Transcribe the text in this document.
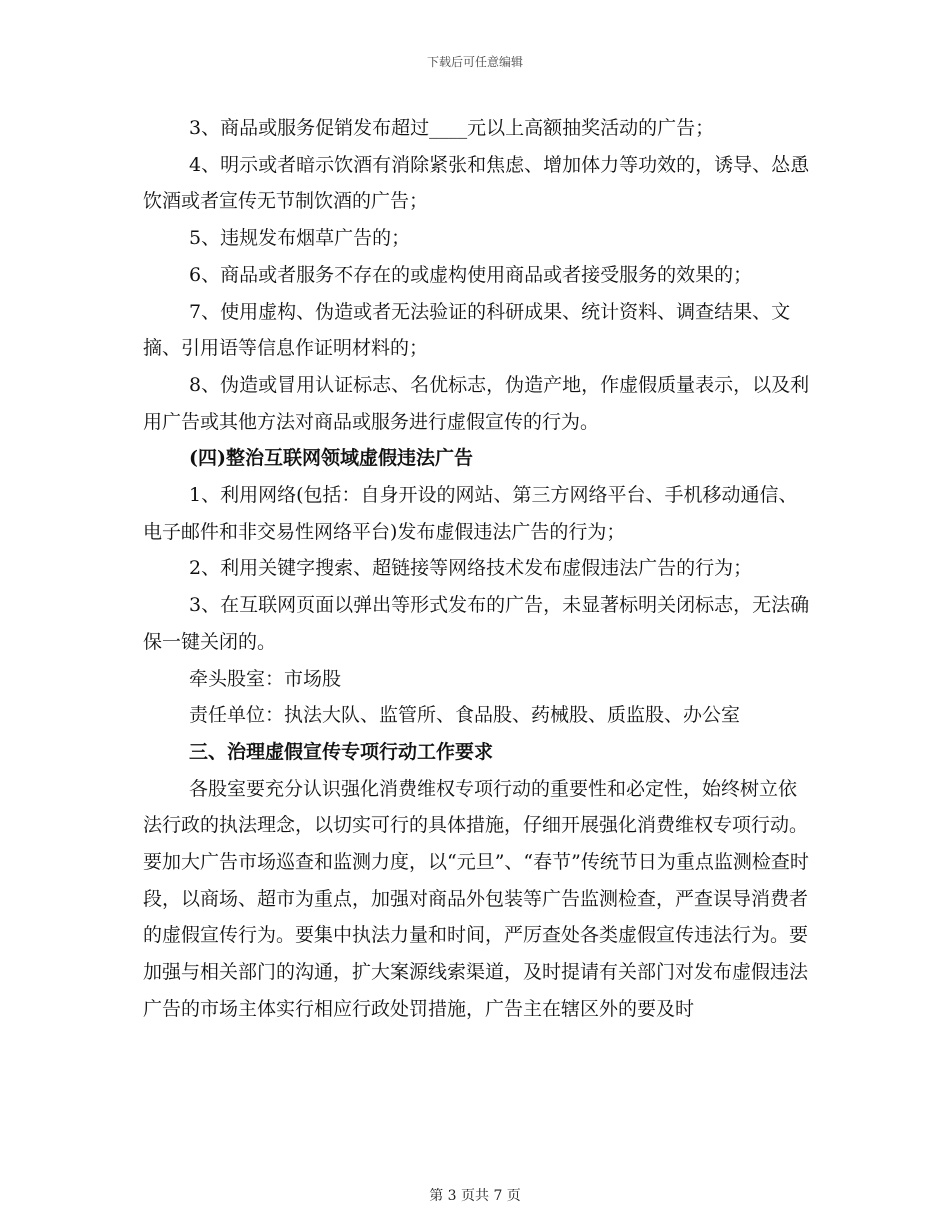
下载后可任意编辑

3、商品或服务促销发布超过____元以上高额抽奖活动的广告；

4、明示或者暗示饮酒有消除紧张和焦虑、增加体力等功效的，诱导、怂恿饮酒或者宣传无节制饮酒的广告；

5、违规发布烟草广告的；

6、商品或者服务不存在的或虚构使用商品或者接受服务的效果的；

7、使用虚构、伪造或者无法验证的科研成果、统计资料、调查结果、文摘、引用语等信息作证明材料的；

8、伪造或冒用认证标志、名优标志，伪造产地，作虚假质量表示，以及利用广告或其他方法对商品或服务进行虚假宣传的行为。

(四)整治互联网领域虚假违法广告

1、利用网络(包括：自身开设的网站、第三方网络平台、手机移动通信、电子邮件和非交易性网络平台)发布虚假违法广告的行为；

2、利用关键字搜索、超链接等网络技术发布虚假违法广告的行为；

3、在互联网页面以弹出等形式发布的广告，未显著标明关闭标志，无法确保一键关闭的。

牵头股室：市场股

责任单位：执法大队、监管所、食品股、药械股、质监股、办公室

三、治理虚假宣传专项行动工作要求

各股室要充分认识强化消费维权专项行动的重要性和必定性，始终树立依法行政的执法理念，以切实可行的具体措施，仔细开展强化消费维权专项行动。要加大广告市场巡查和监测力度，以“元旦”、“春节”传统节日为重点监测检查时段，以商场、超市为重点，加强对商品外包装等广告监测检查，严查误导消费者的虚假宣传行为。要集中执法力量和时间，严厉查处各类虚假宣传违法行为。要加强与相关部门的沟通，扩大案源线索渠道，及时提请有关部门对发布虚假违法广告的市场主体实行相应行政处罚措施，广告主在辖区外的要及时

第 3 页共 7 页
